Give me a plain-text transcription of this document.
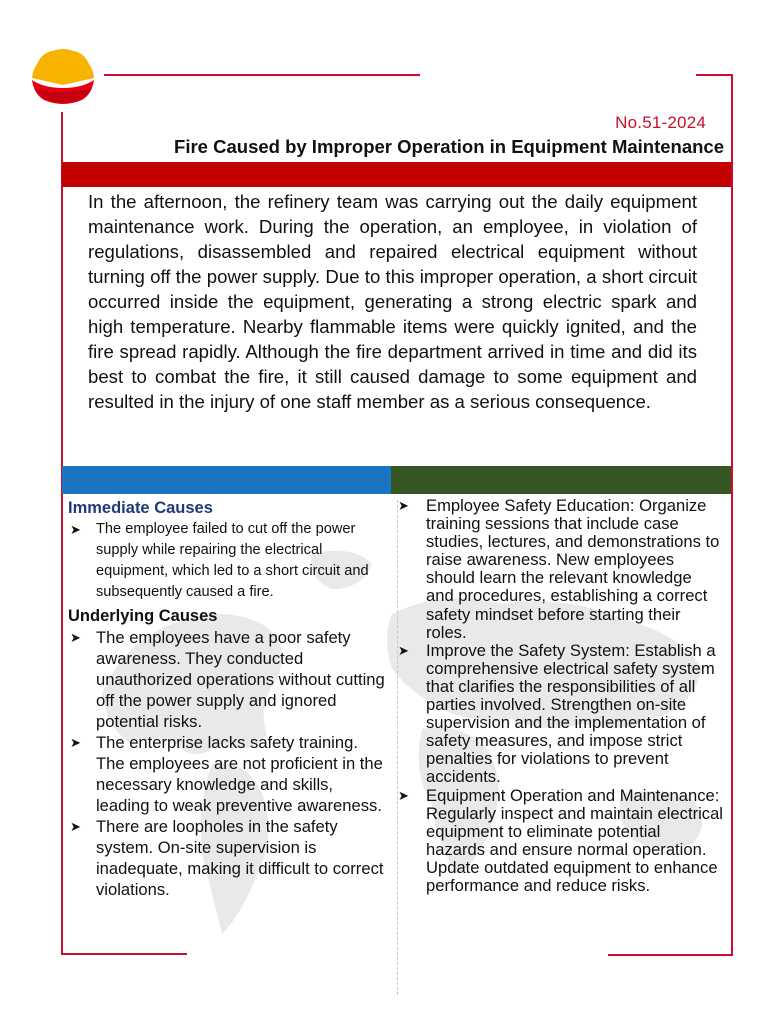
No.51-2024
Fire Caused by Improper Operation in Equipment Maintenance
In the afternoon, the refinery team was carrying out the daily equipment maintenance work. During the operation, an employee, in violation of regulations, disassembled and repaired electrical equipment without turning off the power supply. Due to this improper operation, a short circuit occurred inside the equipment, generating a strong electric spark and high temperature. Nearby flammable items were quickly ignited, and the fire spread rapidly. Although the fire department arrived in time and did its best to combat the fire, it still caused damage to some equipment and resulted in the injury of one staff member as a serious consequence.
Immediate Causes
➤ The employee failed to cut off the power supply while repairing the electrical equipment, which led to a short circuit and subsequently caused a fire.
Underlying Causes
➤ The employees have a poor safety awareness. They conducted unauthorized operations without cutting off the power supply and ignored potential risks.
➤ The enterprise lacks safety training. The employees are not proficient in the necessary knowledge and skills, leading to weak preventive awareness.
➤ There are loopholes in the safety system. On-site supervision is inadequate, making it difficult to correct violations.
➤ Employee Safety Education: Organize training sessions that include case studies, lectures, and demonstrations to raise awareness. New employees should learn the relevant knowledge and procedures, establishing a correct safety mindset before starting their roles.
➤ Improve the Safety System: Establish a comprehensive electrical safety system that clarifies the responsibilities of all parties involved. Strengthen on-site supervision and the implementation of safety measures, and impose strict penalties for violations to prevent accidents.
➤ Equipment Operation and Maintenance: Regularly inspect and maintain electrical equipment to eliminate potential hazards and ensure normal operation. Update outdated equipment to enhance performance and reduce risks.
